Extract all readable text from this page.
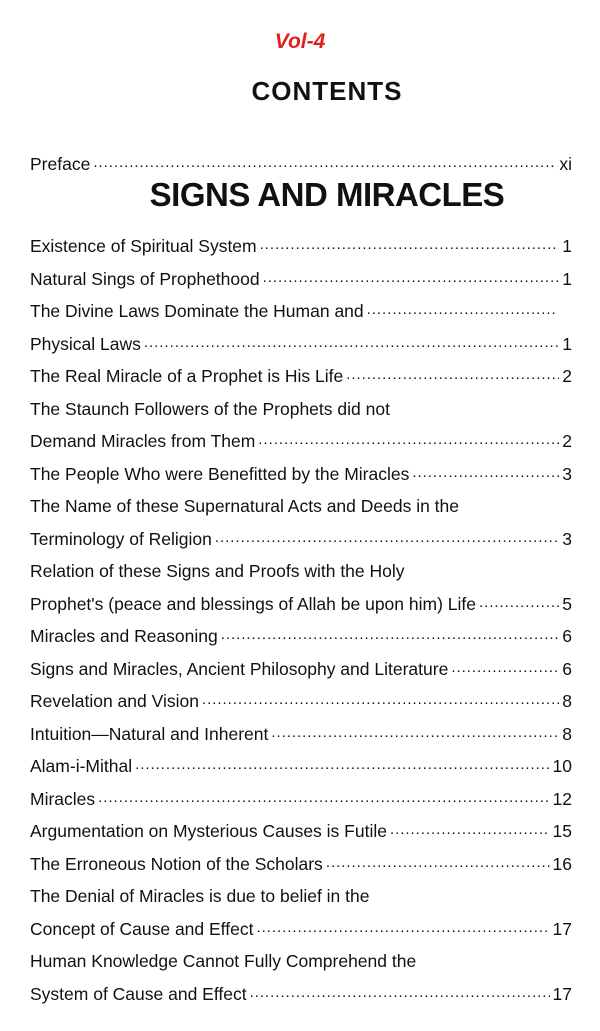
Vol-4
CONTENTS
Preface . . .	xi
SIGNS AND MIRACLES
Existence of Spiritual System . . .	1
Natural Sings of Prophethood . . .	1
The Divine Laws Dominate the Human and
. . .
Physical Laws . . .	1
The Real Miracle of a Prophet is His Life . . .	2
The Staunch Followers of the Prophets did not
Demand Miracles from Them . . .	2
The People Who were Benefitted by the Miracles . . .	3
The Name of these Supernatural Acts and Deeds in the
Terminology of Religion . . .	3
Relation of these Signs and Proofs with the Holy
Prophet's (peace and blessings of Allah be upon him) Life . . .	5
Miracles and Reasoning . . .	6
Signs and Miracles, Ancient Philosophy and Literature . . .	6
Revelation and Vision . . .	8
Intuition—Natural and Inherent . . .	8
Alam-i-Mithal . . .	10
Miracles . . .	12
Argumentation on Mysterious Causes is Futile . . .	15
The Erroneous Notion of the Scholars . . .	16
The Denial of Miracles is due to belief in the
Concept of Cause and Effect . . .	17
Human Knowledge Cannot Fully Comprehend the
System of Cause and Effect . . .	17
